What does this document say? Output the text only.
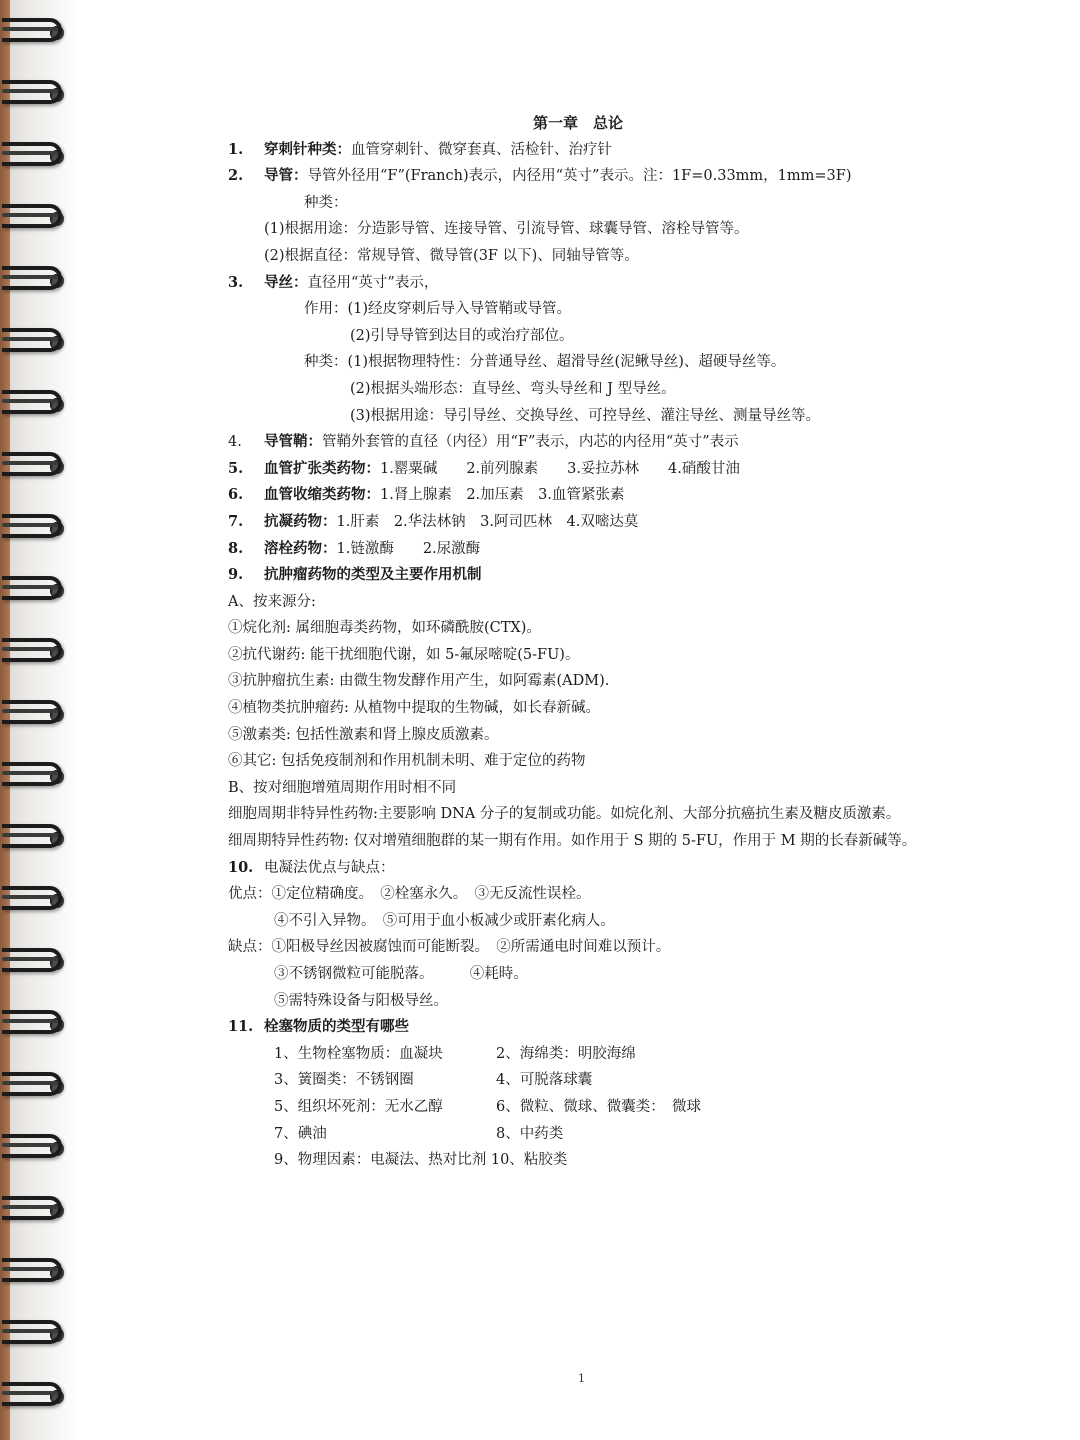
第一章　总论
1. 穿刺针种类：血管穿刺针、微穿套真、活检针、治疗针
2. 导管：导管外径用“F”(Franch)表示，内径用“英寸”表示。注：1F=0.33mm，1mm=3F)
种类：
(1)根据用途：分造影导管、连接导管、引流导管、球囊导管、溶栓导管等。
(2)根据直径：常规导管、微导管(3F 以下)、同轴导管等。
3. 导丝：直径用“英寸”表示，
作用：(1)经皮穿刺后导入导管鞘或导管。
(2)引导导管到达目的或治疗部位。
种类：(1)根据物理特性：分普通导丝、超滑导丝(泥鳅导丝)、超硬导丝等。
(2)根据头端形态：直导丝、弯头导丝和 J 型导丝。
(3)根据用途：导引导丝、交换导丝、可控导丝、灌注导丝、测量导丝等。
4. 导管鞘：管鞘外套管的直径（内径）用“F”表示，内芯的内径用“英寸”表示
5. 血管扩张类药物：1.罂粟碱　　2.前列腺素　　3.妥拉苏林　　4.硝酸甘油
6. 血管收缩类药物：1.肾上腺素　2.加压素　3.血管紧张素
7. 抗凝药物：1.肝素　2.华法林钠　3.阿司匹林　4.双嘧达莫
8. 溶栓药物：1.链激酶　　2.尿激酶
9. 抗肿瘤药物的类型及主要作用机制
A、按来源分:
①烷化剂: 属细胞毒类药物，如环磷酰胺(CTX)。
②抗代谢药: 能干扰细胞代谢，如 5-氟尿嘧啶(5-FU)。
③抗肿瘤抗生素: 由微生物发酵作用产生，如阿霉素(ADM).
④植物类抗肿瘤药: 从植物中提取的生物碱，如长春新碱。
⑤激素类: 包括性激素和肾上腺皮质激素。
⑥其它: 包括免疫制剂和作用机制未明、难于定位的药物
B、按对细胞增殖周期作用时相不同
细胞周期非特异性药物:主要影响 DNA 分子的复制或功能。如烷化剂、大部分抗癌抗生素及糖皮质激素。
细周期特异性药物: 仅对增殖细胞群的某一期有作用。如作用于 S 期的 5-FU，作用于 M 期的长春新碱等。
10. 电凝法优点与缺点：
优点：①定位精确度。　②栓塞永久。　③无反流性误栓。
④不引入异物。　⑤可用于血小板减少或肝素化病人。
缺点：①阳极导丝因被腐蚀而可能断裂。　②所需通电时间难以预计。
③不锈钢微粒可能脱落。　　　④耗時。
⑤需特殊设备与阳极导丝。
11. 栓塞物质的类型有哪些
1、生物栓塞物质：血凝块	2、海绵类：明胶海绵
3、簧圈类：不锈钢圈	4、可脱落球囊
5、组织坏死剂：无水乙醇	6、微粒、微球、微囊类：　微球
7、碘油	8、中药类
9、物理因素：电凝法、热对比剂 10、粘胶类
1
